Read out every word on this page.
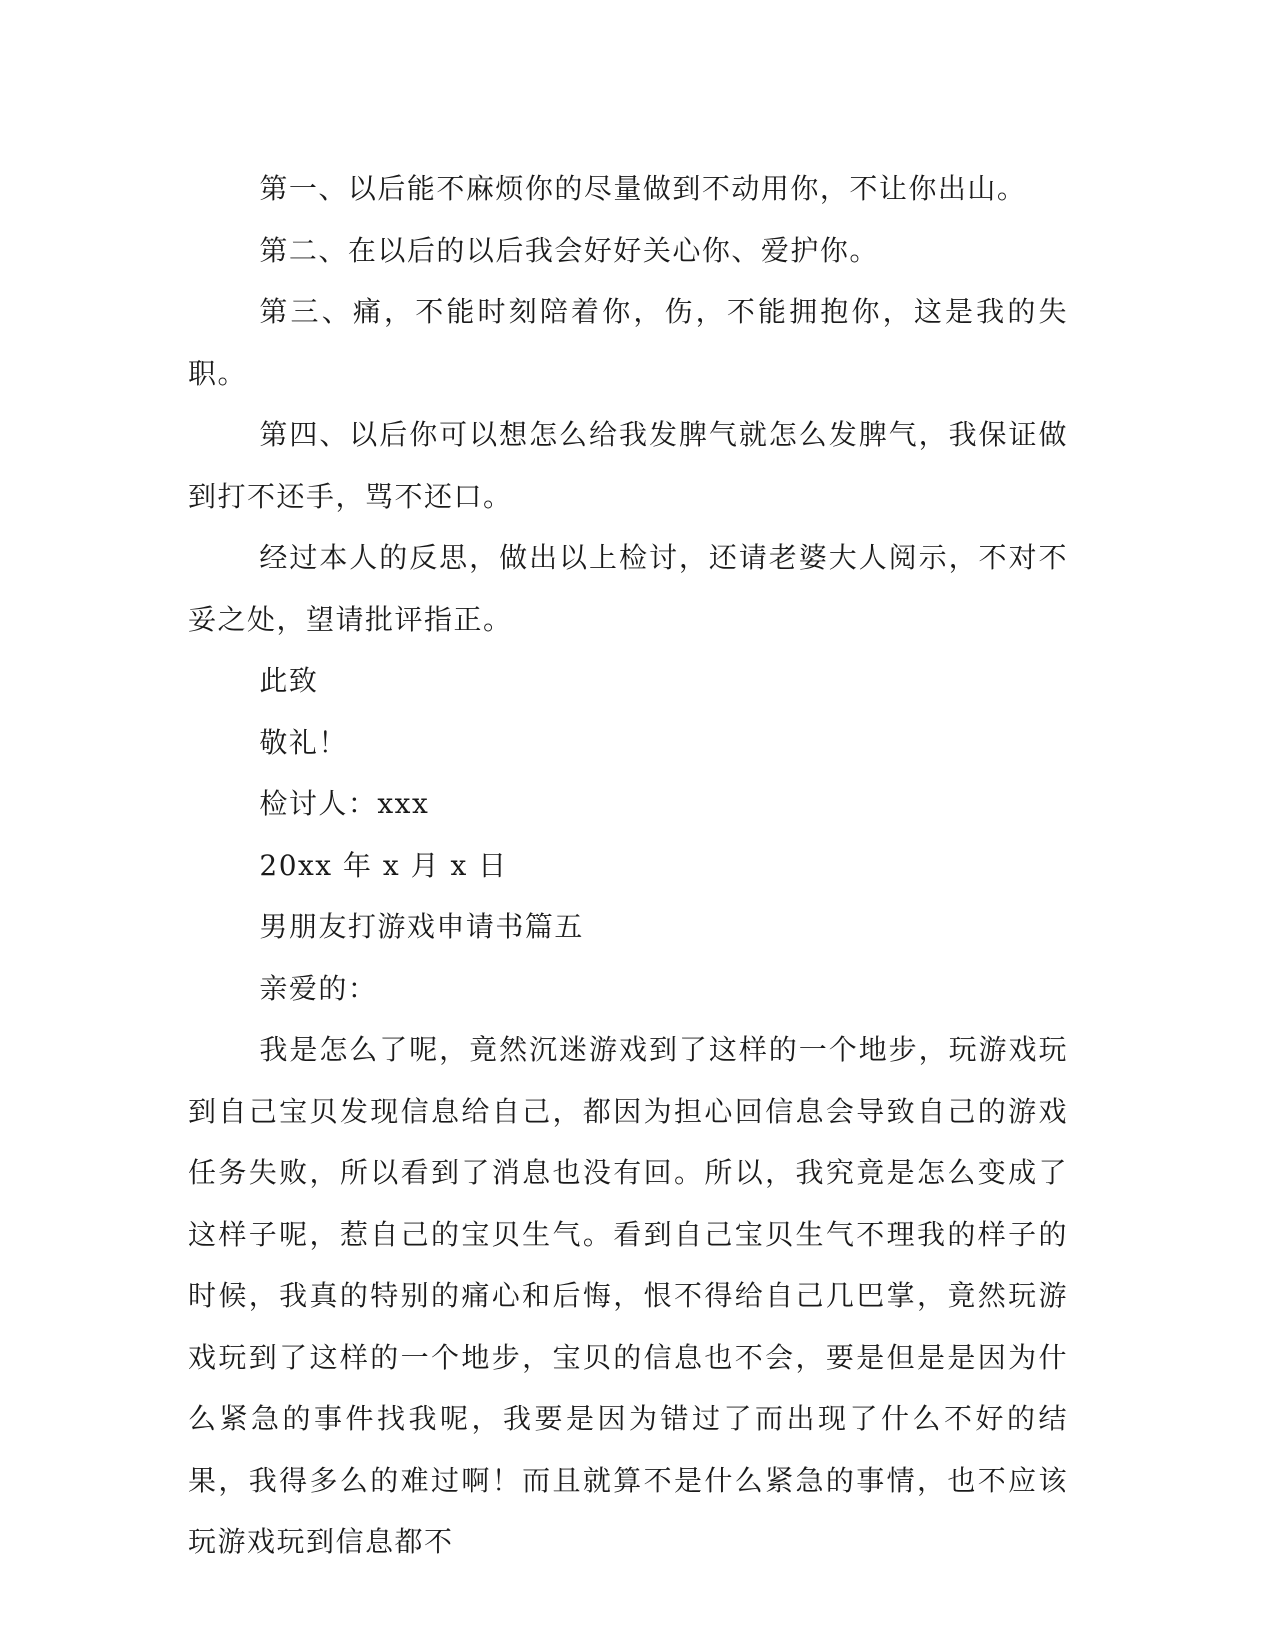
第一、以后能不麻烦你的尽量做到不动用你，不让你出山。

第二、在以后的以后我会好好关心你、爱护你。

第三、痛，不能时刻陪着你，伤，不能拥抱你，这是我的失职。

第四、以后你可以想怎么给我发脾气就怎么发脾气，我保证做到打不还手，骂不还口。

经过本人的反思，做出以上检讨，还请老婆大人阅示，不对不妥之处，望请批评指正。

此致

敬礼！

检讨人：xxx

20xx 年 x 月 x 日

男朋友打游戏申请书篇五

亲爱的：

我是怎么了呢，竟然沉迷游戏到了这样的一个地步，玩游戏玩到自己宝贝发现信息给自己，都因为担心回信息会导致自己的游戏任务失败，所以看到了消息也没有回。所以，我究竟是怎么变成了这样子呢，惹自己的宝贝生气。看到自己宝贝生气不理我的样子的时候，我真的特别的痛心和后悔，恨不得给自己几巴掌，竟然玩游戏玩到了这样的一个地步，宝贝的信息也不会，要是但是是因为什么紧急的事件找我呢，我要是因为错过了而出现了什么不好的结果，我得多么的难过啊！而且就算不是什么紧急的事情，也不应该玩游戏玩到信息都不
